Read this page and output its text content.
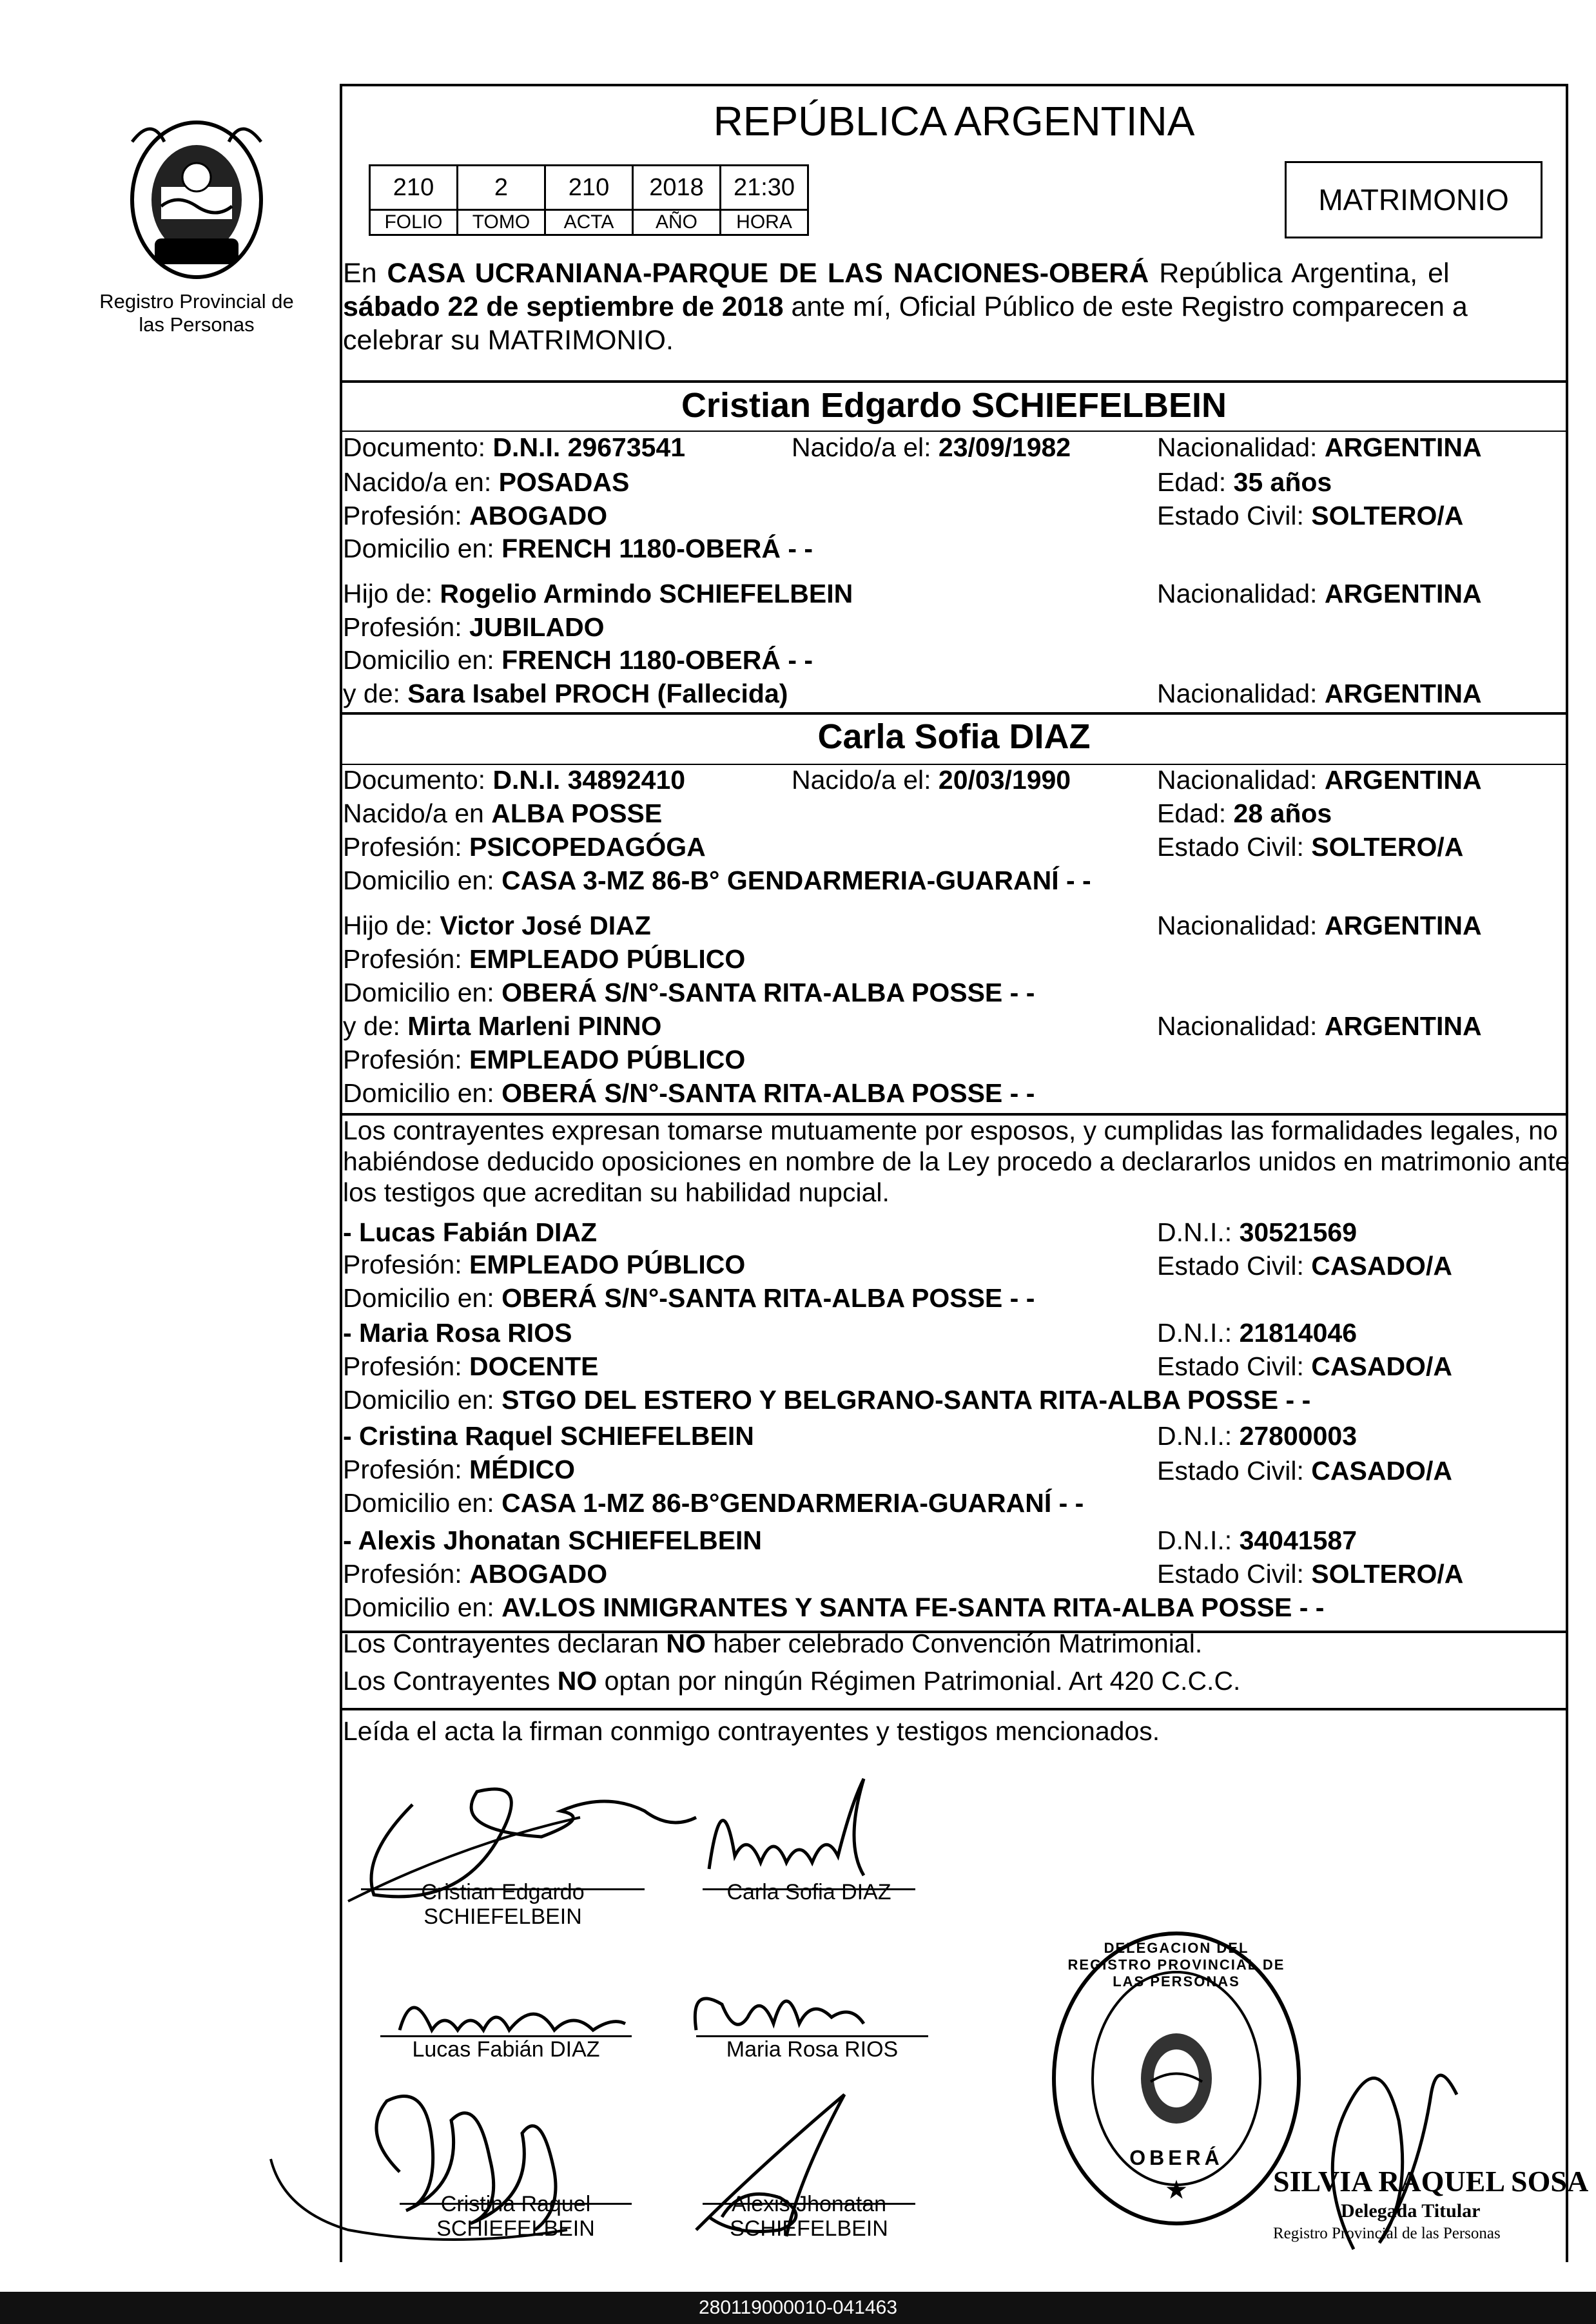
Registro Provincial de las Personas
REPÚBLICA ARGENTINA
210	2	210	2018	21:30
FOLIO	TOMO	ACTA	AÑO	HORA
MATRIMONIO
En CASA UCRANIANA-PARQUE DE LAS NACIONES-OBERÁ República Argentina, el
sábado 22 de septiembre de 2018 ante mí, Oficial Público de este Registro comparecen a
celebrar su MATRIMONIO.
Cristian Edgardo SCHIEFELBEIN
Documento: D.N.I. 29673541	Nacido/a el: 23/09/1982	Nacionalidad: ARGENTINA
Nacido/a en: POSADAS	Edad: 35 años
Profesión: ABOGADO	Estado Civil: SOLTERO/A
Domicilio en: FRENCH 1180-OBERÁ - -
Hijo de: Rogelio Armindo SCHIEFELBEIN	Nacionalidad: ARGENTINA
Profesión: JUBILADO
Domicilio en: FRENCH 1180-OBERÁ - -
y de: Sara Isabel PROCH (Fallecida)	Nacionalidad: ARGENTINA
Carla Sofia DIAZ
Documento: D.N.I. 34892410	Nacido/a el: 20/03/1990	Nacionalidad: ARGENTINA
Nacido/a en ALBA POSSE	Edad: 28 años
Profesión: PSICOPEDAGÓGA	Estado Civil: SOLTERO/A
Domicilio en: CASA 3-MZ 86-B° GENDARMERIA-GUARANÍ - -
Hijo de: Victor José DIAZ	Nacionalidad: ARGENTINA
Profesión: EMPLEADO PÚBLICO
Domicilio en: OBERÁ S/N°-SANTA RITA-ALBA POSSE - -
y de: Mirta Marleni PINNO	Nacionalidad: ARGENTINA
Profesión: EMPLEADO PÚBLICO
Domicilio en: OBERÁ S/N°-SANTA RITA-ALBA POSSE - -
Los contrayentes expresan tomarse mutuamente por esposos, y cumplidas las formalidades legales, no
habiéndose deducido oposiciones en nombre de la Ley procedo a declararlos unidos en matrimonio ante
los testigos que acreditan su habilidad nupcial.
- Lucas Fabián DIAZ	D.N.I.: 30521569
Profesión: EMPLEADO PÚBLICO	Estado Civil: CASADO/A
Domicilio en: OBERÁ S/N°-SANTA RITA-ALBA POSSE - -
- Maria Rosa RIOS	D.N.I.: 21814046
Profesión: DOCENTE	Estado Civil: CASADO/A
Domicilio en: STGO DEL ESTERO Y BELGRANO-SANTA RITA-ALBA POSSE - -
- Cristina Raquel SCHIEFELBEIN	D.N.I.: 27800003
Profesión: MÉDICO	Estado Civil: CASADO/A
Domicilio en: CASA 1-MZ 86-B°GENDARMERIA-GUARANÍ - -
- Alexis Jhonatan SCHIEFELBEIN	D.N.I.: 34041587
Profesión: ABOGADO	Estado Civil: SOLTERO/A
Domicilio en: AV.LOS INMIGRANTES Y SANTA FE-SANTA RITA-ALBA POSSE - -
Los Contrayentes declaran NO haber celebrado Convención Matrimonial.
Los Contrayentes NO optan por ningún Régimen Patrimonial. Art 420 C.C.C.
Leída el acta la firman conmigo contrayentes y testigos mencionados.
Cristian Edgardo
SCHIEFELBEIN
Carla Sofia DIAZ
Lucas Fabián DIAZ	Maria Rosa RIOS
Cristina Raquel
SCHIEFELBEIN
Alexis Jhonatan
SCHIEFELBEIN
★
DELEGACION DEL REGISTRO PROVINCIAL DE LAS PERSONAS
OBERÁ
SILVIA RAQUEL SOSA
Delegada Titular
Registro Provincial de las Personas
280119000010-041463
